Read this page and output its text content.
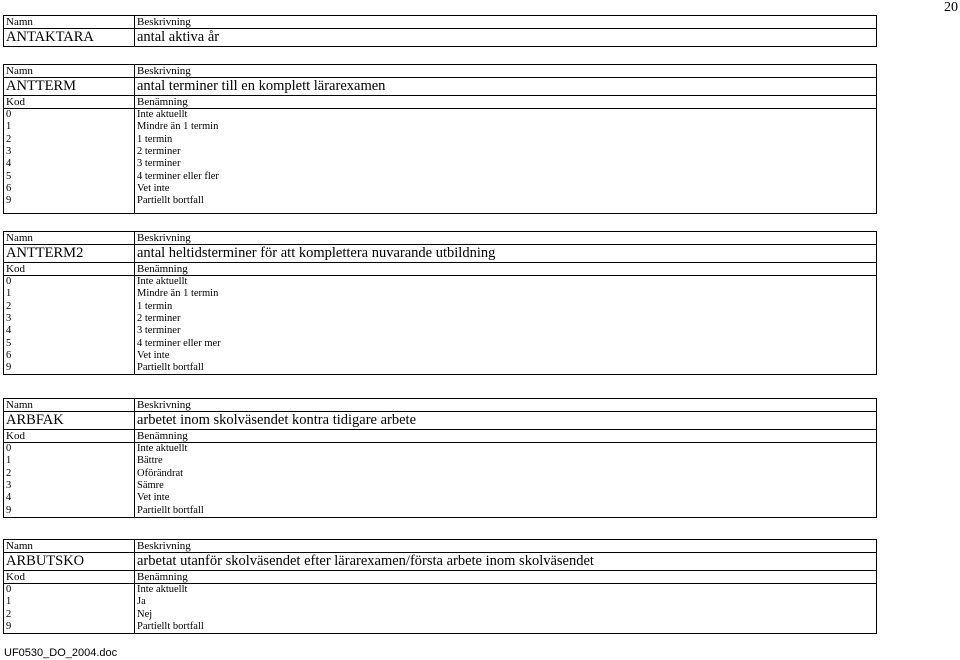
20
Namn	Beskrivning
ANTAKTARA	antal aktiva år
Namn	Beskrivning
ANTTERM	antal terminer till en komplett lärarexamen
Kod	Benämning
0	Inte aktuellt
1	Mindre än 1 termin
2	1 termin
3	2 terminer
4	3 terminer
5	4 terminer eller fler
6	Vet inte
9	Partiellt bortfall

Namn	Beskrivning
ANTTERM2	antal heltidsterminer för att komplettera nuvarande utbildning
Kod	Benämning
0	Inte aktuellt
1	Mindre än 1 termin
2	1 termin
3	2 terminer
4	3 terminer
5	4 terminer eller mer
6	Vet inte
9	Partiellt bortfall
Namn	Beskrivning
ARBFAK	arbetet inom skolväsendet kontra tidigare arbete
Kod	Benämning
0	Inte aktuellt
1	Bättre
2	Oförändrat
3	Sämre
4	Vet inte
9	Partiellt bortfall
Namn	Beskrivning
ARBUTSKO	arbetat utanför skolväsendet efter lärarexamen/första arbete inom skolväsendet
Kod	Benämning
0	Inte aktuellt
1	Ja
2	Nej
9	Partiellt bortfall
UF0530_DO_2004.doc
